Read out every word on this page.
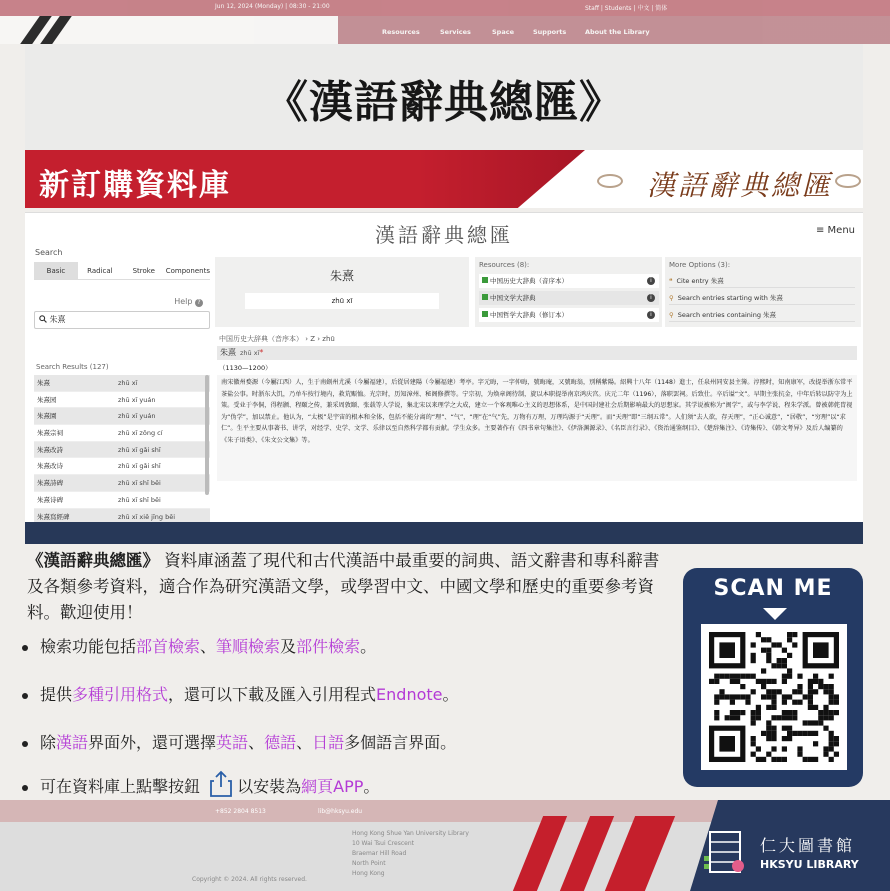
Jun 12, 2024 (Monday) | 08:30 - 21:00	Staff | Students | 中文 | 简体
Resources	Services	Space	Supports	About the Library
《漢語辭典總匯》
新訂購資料庫	漢語辭典總匯
漢語辭典總匯	≡ Menu
Search
Basic	Radical	Stroke	Components
Help ?
朱熹
Search Results (127)
朱熹	zhū xī
朱熹园	zhū xī yuán
朱熹園	zhū xī yuán
朱熹宗祠	zhū xī zōng cí
朱熹改詩	zhū xī gǎi shī
朱熹改诗	zhū xī gǎi shī
朱熹詩碑	zhū xī shī bēi
朱熹诗碑	zhū xī shī bēi
朱熹寫經碑	zhū xī xiě jīng bēi
朱熹
zhū xī
Resources (8):
中国历史大辞典（音序本）	i
中国文学大辞典	i
中国哲学大辞典（修订本）	i
More Options (3):
❝ Cite entry 朱熹
⚲ Search entries starting with 朱熹
⚲ Search entries containing 朱熹
中国历史大辞典（音序本） › Z › zhū
朱熹 zhū xī*
（1130—1200）
南宋徽州婺源（今屬江西）人，生于南劍州尤溪（今屬福建），后從居建陽（今屬福建）考亭。字元晦，一字仲晦，號晦庵，又號晦翁，別稱紫陽。紹興十八年（1148）進士，任泉州同安县主簿。淳熙时，知南康军，改提举浙东常平茶盐公事。时浙东大饥，乃单车按行境内，救荒赈恤。光宗时，历知漳州、秘阁修撰等。宁宗初，为焕章阁待制，旋以本职提举南京鸿庆宫。庆元二年（1196），落职罢祠。后致仕。卒后谥“文”。早期主张抗金，中年后转以防守为上策。受业于李侗，得程颢、程颐之传，兼采周敦颐、张载等人学说，集北宋以来理学之大成，建立一个客观唯心主义的思想体系，是中国封建社会后期影响最大的思想家。其学说被称为“闽学”，或与李学说、程朱学派。曾被韩侂胄视为“伪学”，加以禁止。他认为，“太极”是宇宙的根本和全体，包括不能分离的“理”、“气”，“理”在“气”先，万物有万理，万理均源于“天理”。而“天理”即“三纲五常”。人们须“去人欲，存天理”，“正心诚意”，“居敬”，“穷理”以“求仁”。生平主要从事著书、讲学，对经学、史学、文学、乐律以至自然科学都有贡献。学生众多。主要著作有《四书章句集注》、《伊洛渊源录》、《名臣言行录》、《资治通鉴纲目》、《楚辞集注》、《诗集传》、《韩文考异》及后人编纂的《朱子语类》、《朱文公文集》等。
《漢語辭典總匯》 資料庫涵蓋了現代和古代漢語中最重要的詞典、語文辭書和專科辭書及各類參考資料，適合作為研究漢語文學，或學習中文、中國文學和歷史的重要參考資料。歡迎使用！
檢索功能包括部首檢索、筆順檢索及部件檢索。
提供多種引用格式，還可以下載及匯入引用程式Endnote。
除漢語界面外，還可選擇英語、德語、日語多個語言界面。
可在資料庫上點擊按鈕 以安裝為網頁APP。
SCAN ME
+852 2804 8513	lib@hksyu.edu
Hong Kong Shue Yan University Library
10 Wai Tsui Crescent
Braemar Hill Road
North Point
Hong Kong
Copyright © 2024. All rights reserved.
仁大圖書館
HKSYU LIBRARY
